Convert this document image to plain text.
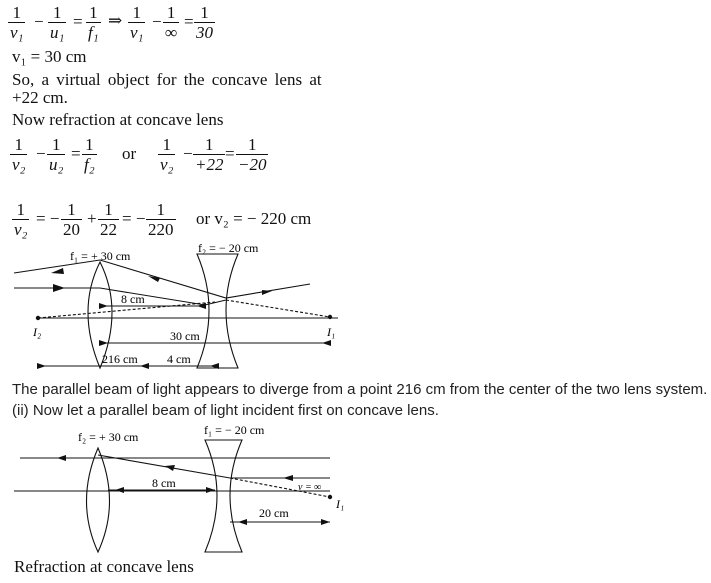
$\frac{1}{\text{v₁}} - \frac{1}{\text{u₁}} = \frac{1}{\text{f₁}}$ ⇒ $\frac{1}{\text{v₁}} - 1$
∞
= $\frac{1}{30}$
v₁ = 30 cm
So, a virtual object for the concave lens at
+22 cm.
Now refraction at concave lens
$\frac{1}{\text{v₂}} - \frac{1}{\text{u₂}} = \frac{1}{\text{f₂}}$ or $\frac{1}{\text{v₂}} - \frac{1}{+22} = \frac{1}{-20}$
$\frac{1}{\text{v₂}}$ = − $\frac{1}{20} + \frac{1}{22}$ = − $\frac{1}{220}$ or v₂ = − 220 cm
f₁ = + 30 cm
f₂ = − 20 cm
8 cm
30 cm
216 cm 4 cm
I₂	I₁
The parallel beam of light appears to diverge from a point 216 cm from the center of the two lens system.
(ii) Now let a parallel beam of light incident first on concave lens.
f₂ = + 30 cm	f₁ = − 20 cm
8 cm
20 cm
v = ∞
I₁
Refraction at concave lens
